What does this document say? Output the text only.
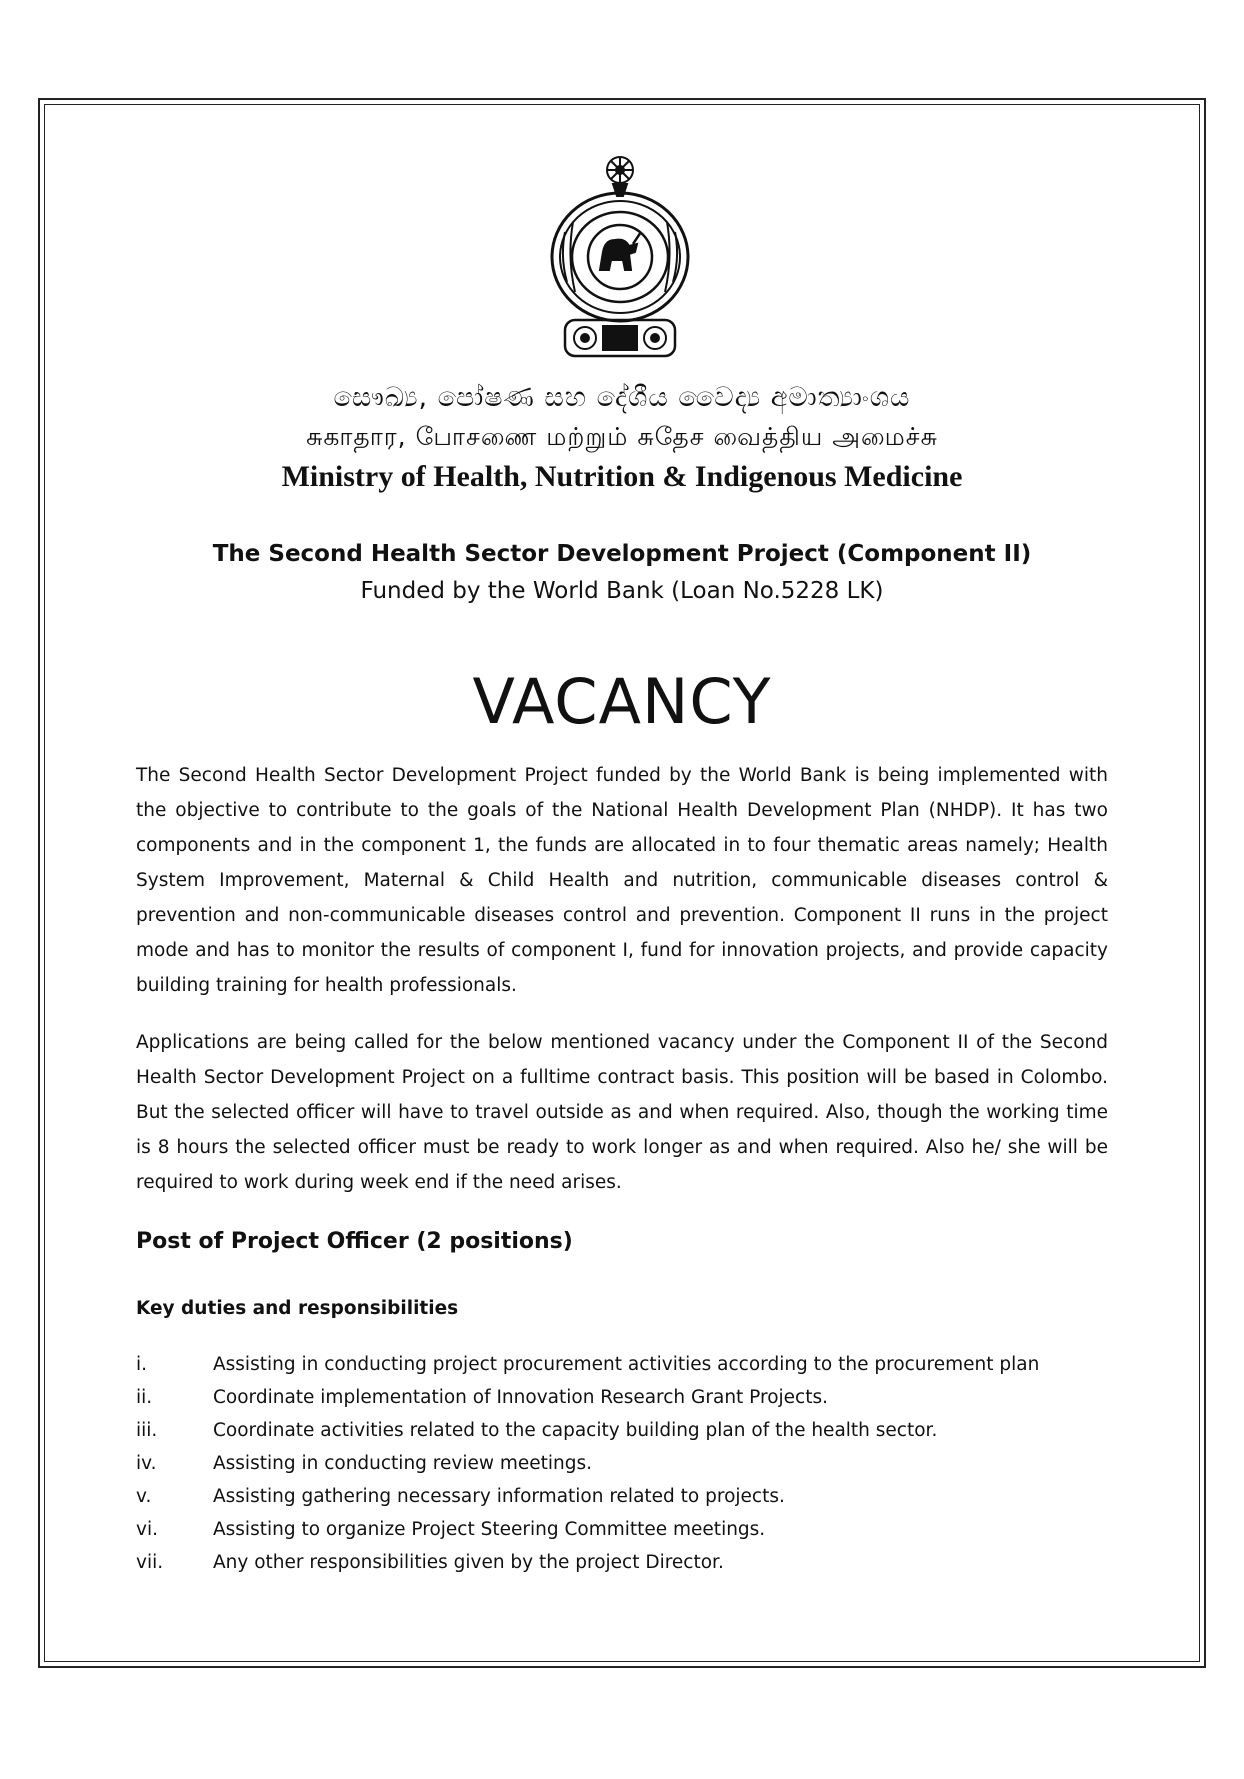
සෞඛ්‍ය, පෝෂණ සහ දේශීය වෛද්‍ය අමාත්‍යාංශය
சுகாதார, போசணை மற்றும் சுதேச வைத்திய அமைச்சு
Ministry of Health, Nutrition & Indigenous Medicine
The Second Health Sector Development Project (Component II)
Funded by the World Bank (Loan No.5228 LK)
VACANCY

The Second Health Sector Development Project funded by the World Bank is being implemented with the objective to contribute to the goals of the National Health Development Plan (NHDP). It has two components and in the component 1, the funds are allocated in to four thematic areas namely; Health System Improvement, Maternal & Child Health and nutrition, communicable diseases control & prevention and non-communicable diseases control and prevention. Component II runs in the project mode and has to monitor the results of component I, fund for innovation projects, and provide capacity building training for health professionals.

Applications are being called for the below mentioned vacancy under the Component II of the Second Health Sector Development Project on a fulltime contract basis. This position will be based in Colombo. But the selected officer will have to travel outside as and when required. Also, though the working time is 8 hours the selected officer must be ready to work longer as and when required. Also he/ she will be required to work during week end if the need arises.

Post of Project Officer (2 positions)
Key duties and responsibilities
i.	Assisting in conducting project procurement activities according to the procurement plan
ii.	Coordinate implementation of Innovation Research Grant Projects.
iii.	Coordinate activities related to the capacity building plan of the health sector.
iv.	Assisting in conducting review meetings.
v.	Assisting gathering necessary information related to projects.
vi.	Assisting to organize Project Steering Committee meetings.
vii.	Any other responsibilities given by the project Director.
